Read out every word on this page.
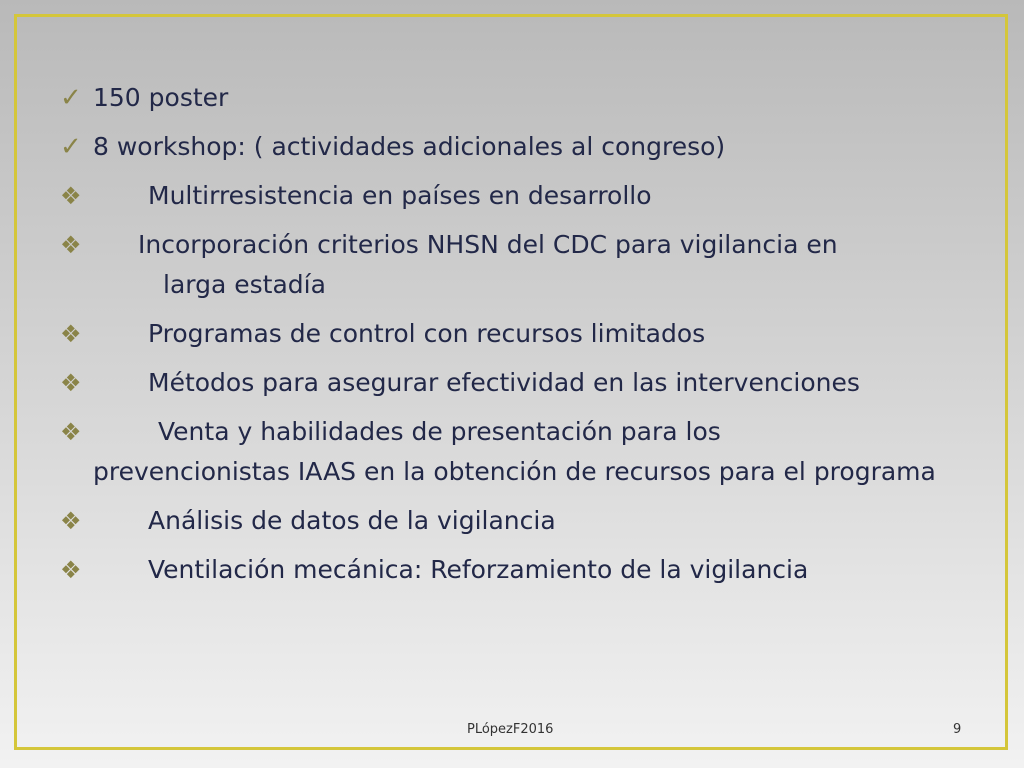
✓ 150 poster
✓ 8 workshop: ( actividades adicionales al congreso)
❖	Multirresistencia en países en desarrollo
❖	Incorporación criterios NHSN del CDC para vigilancia en
larga estadía
❖	Programas de control con recursos limitados
❖	Métodos para asegurar efectividad en las intervenciones
❖	Venta y habilidades de presentación para los
prevencionistas IAAS en la obtención de recursos para el programa
❖	Análisis de datos de la vigilancia
❖	Ventilación mecánica: Reforzamiento de la vigilancia
PLópezF2016	9
